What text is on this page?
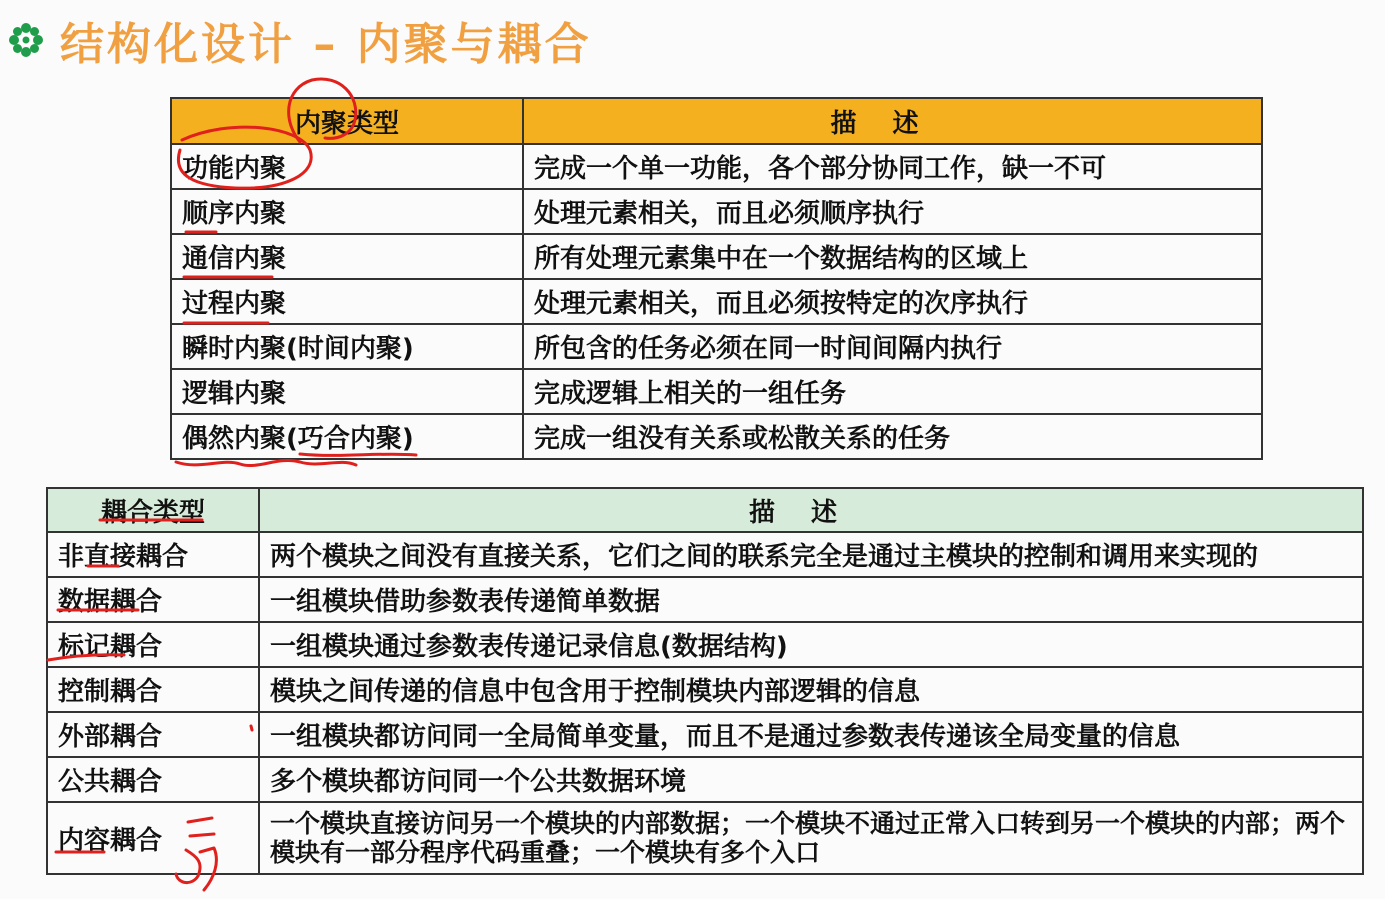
结构化设计 – 内聚与耦合
内聚类型	描述
功能内聚	完成一个单一功能，各个部分协同工作，缺一不可
顺序内聚	处理元素相关，而且必须顺序执行
通信内聚	所有处理元素集中在一个数据结构的区域上
过程内聚	处理元素相关，而且必须按特定的次序执行
瞬时内聚(时间内聚)	所包含的任务必须在同一时间间隔内执行
逻辑内聚	完成逻辑上相关的一组任务
偶然内聚(巧合内聚)	完成一组没有关系或松散关系的任务
耦合类型	描述
非直接耦合	两个模块之间没有直接关系，它们之间的联系完全是通过主模块的控制和调用来实现的
数据耦合	一组模块借助参数表传递简单数据
标记耦合	一组模块通过参数表传递记录信息(数据结构)
控制耦合	模块之间传递的信息中包含用于控制模块内部逻辑的信息
外部耦合	一组模块都访问同一全局简单变量，而且不是通过参数表传递该全局变量的信息
公共耦合	多个模块都访问同一个公共数据环境
内容耦合	一个模块直接访问另一个模块的内部数据；一个模块不通过正常入口转到另一个模块的内部；两个模块有一部分程序代码重叠；一个模块有多个入口
